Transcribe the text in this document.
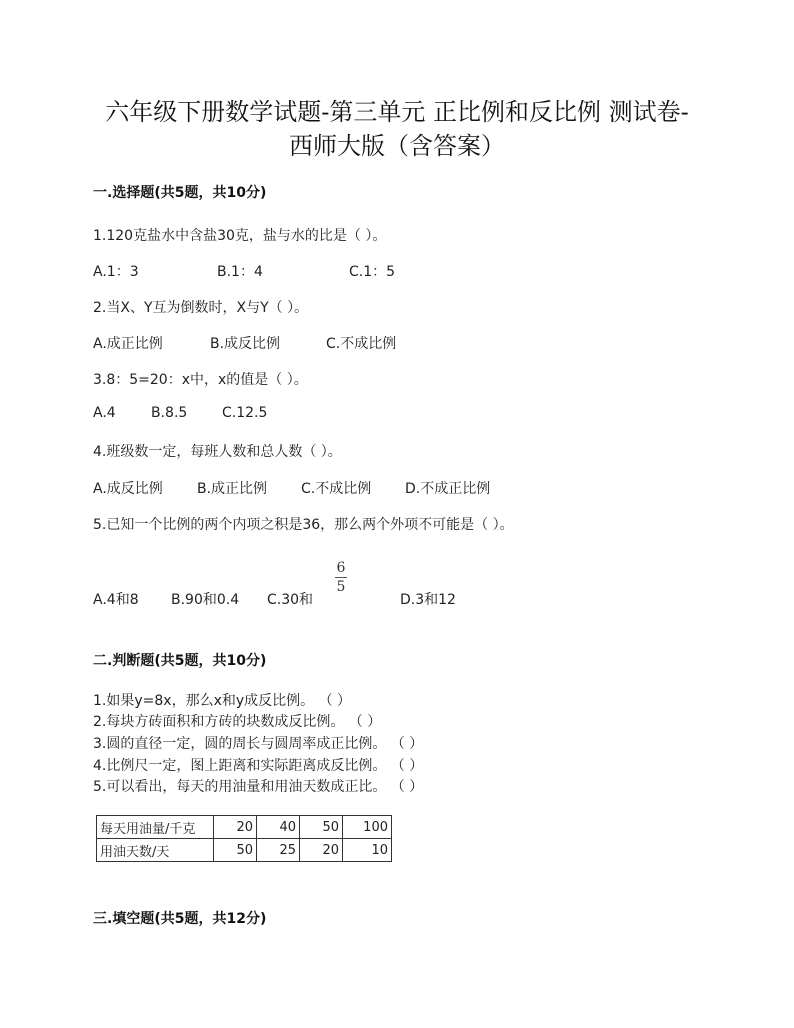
六年级下册数学试题-第三单元 正比例和反比例 测试卷-
西师大版（含答案）
一.选择题(共5题，共10分)
1.120克盐水中含盐30克，盐与水的比是（ ）。
A.1：3	B.1：4	C.1：5
2.当X、Y互为倒数时，X与Y（ ）。
A.成正比例	B.成反比例	C.不成比例
3.8：5=20：x中，x的值是（ ）。
A.4	B.8.5 C.12.5
4.班级数一定，每班人数和总人数（ ）。
A.成反比例 B.成正比例 C.不成比例 D.不成正比例
5.已知一个比例的两个内项之积是36，那么两个外项不可能是（ ）。
6
5
A.4和8 B.90和0.4 C.30和	D.3和12
二.判断题(共5题，共10分)
1.如果y=8x，那么x和y成反比例。 （ ）
2.每块方砖面积和方砖的块数成反比例。 （ ）
3.圆的直径一定，圆的周长与圆周率成正比例。 （ ）
4.比例尺一定，图上距离和实际距离成反比例。 （ ）
5.可以看出，每天的用油量和用油天数成正比。 （ ）
每天用油量/千克	20	40	50	100
用油天数/天	50	25	20	10
三.填空题(共5题，共12分)
